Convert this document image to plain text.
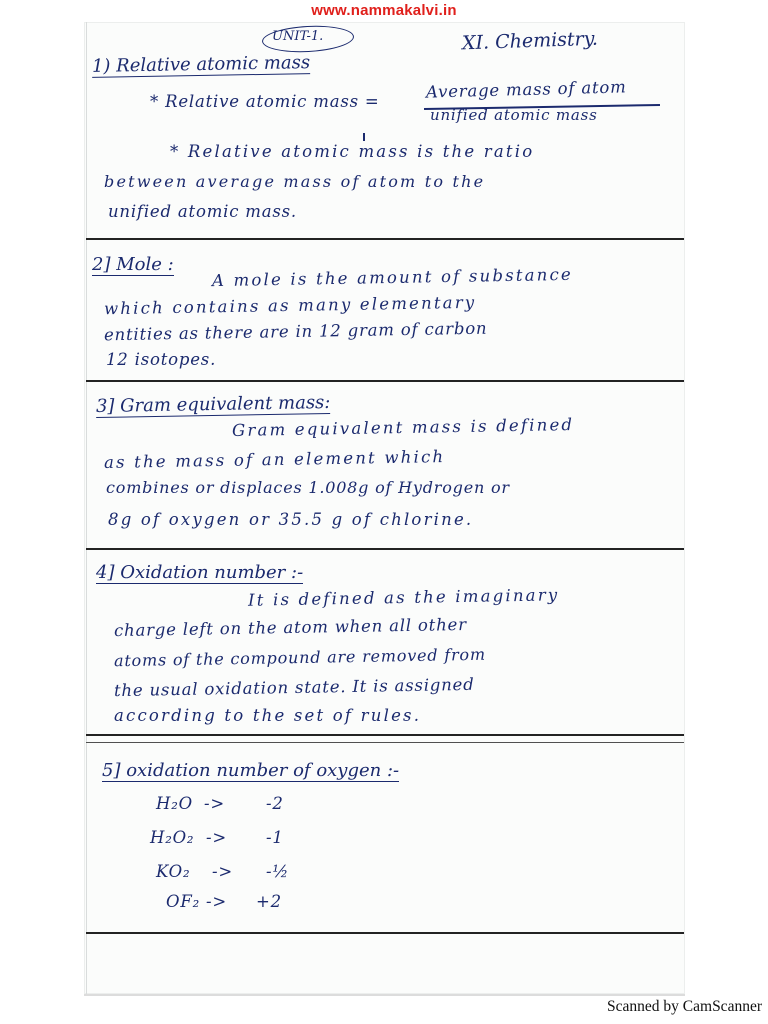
www.nammakalvi.in
UNIT-1.	XI. Chemistry.
1) Relative atomic mass
* Relative atomic mass =	Average mass of atom
unified atomic mass
* Relative atomic mass is the ratio
between average mass of atom to the
unified atomic mass.
2] Mole :
A mole is the amount of substance
which contains as many elementary
entities as there are in 12 gram of carbon
12 isotopes.
3] Gram equivalent mass:
Gram equivalent mass is defined
as the mass of an element which
combines or displaces 1.008g of Hydrogen or
8g of oxygen or 35.5 g of chlorine.
4] Oxidation number :-
It is defined as the imaginary
charge left on the atom when all other
atoms of the compound are removed from
the usual oxidation state. It is assigned
according to the set of rules.
5] oxidation number of oxygen :-
H₂O -> -2
H₂O₂ -> -1
KO₂ -> -½
OF₂ -> +2
Scanned by CamScanner
